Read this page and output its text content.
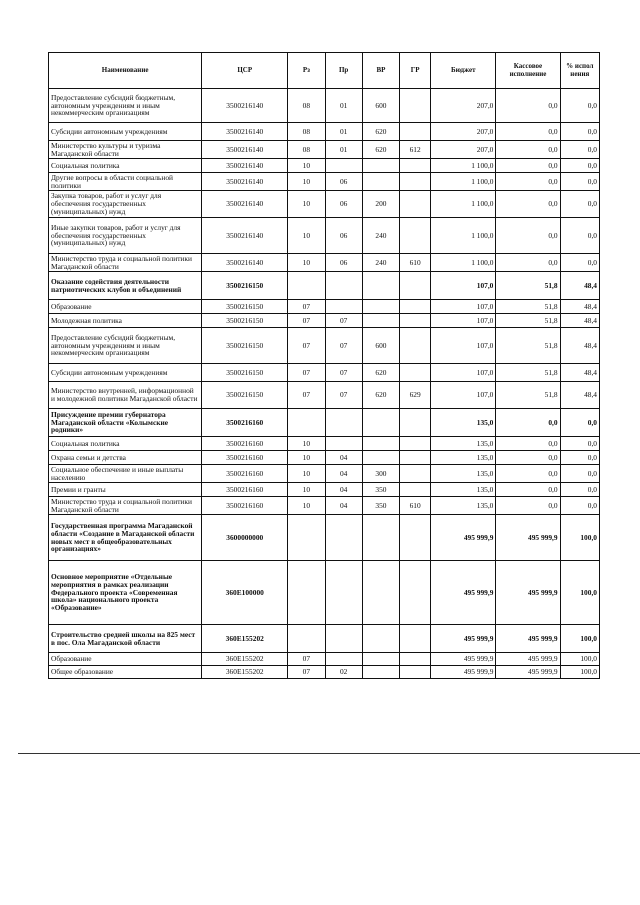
Наименование	ЦСР	Рз	Пр	ВР	ГР	Бюджет	Кассовое исполнение	% испол нения
Предоставление субсидий бюджетным, автономным учреждениям и иным некоммерческим организациям	3500216140	08	01	600		207,0	0,0	0,0
Субсидии автономным учреждениям	3500216140	08	01	620		207,0	0,0	0,0
Министерство культуры и туризма Магаданской области	3500216140	08	01	620	612	207,0	0,0	0,0
Социальная политика	3500216140	10				1 100,0	0,0	0,0
Другие вопросы в области социальной политики	3500216140	10	06			1 100,0	0,0	0,0
Закупка товаров, работ и услуг для обеспечения государственных (муниципальных) нужд	3500216140	10	06	200		1 100,0	0,0	0,0
Иные закупки товаров, работ и услуг для обеспечения государственных (муниципальных) нужд	3500216140	10	06	240		1 100,0	0,0	0,0
Министерство труда и социальной политики Магаданской области	3500216140	10	06	240	610	1 100,0	0,0	0,0
Оказание содействия деятельности патриотических клубов и объединений	3500216150					107,0	51,8	48,4
Образование	3500216150	07				107,0	51,8	48,4
Молодежная политика	3500216150	07	07			107,0	51,8	48,4
Предоставление субсидий бюджетным, автономным учреждениям и иным некоммерческим организациям	3500216150	07	07	600		107,0	51,8	48,4
Субсидии автономным учреждениям	3500216150	07	07	620		107,0	51,8	48,4
Министерство внутренней, информационной и молодежной политики Магаданской области	3500216150	07	07	620	629	107,0	51,8	48,4
Присуждение премии губернатора Магаданской области «Колымские родники»	3500216160					135,0	0,0	0,0
Социальная политика	3500216160	10				135,0	0,0	0,0
Охрана семьи и детства	3500216160	10	04			135,0	0,0	0,0
Социальное обеспечение и иные выплаты населению	3500216160	10	04	300		135,0	0,0	0,0
Премии и гранты	3500216160	10	04	350		135,0	0,0	0,0
Министерство труда и социальной политики Магаданской области	3500216160	10	04	350	610	135,0	0,0	0,0
Государственная программа Магаданской области «Создание в Магаданской области новых мест в общеобразовательных организациях»	3600000000					495 999,9	495 999,9	100,0
Основное мероприятие «Отдельные мероприятия в рамках реализации Федерального проекта «Современная школа» национального проекта «Образование»	360E100000					495 999,9	495 999,9	100,0
Строительство средней школы на 825 мест в пос. Ола Магаданской области	360E155202					495 999,9	495 999,9	100,0
Образование	360E155202	07				495 999,9	495 999,9	100,0
Общее образование	360E155202	07	02			495 999,9	495 999,9	100,0
